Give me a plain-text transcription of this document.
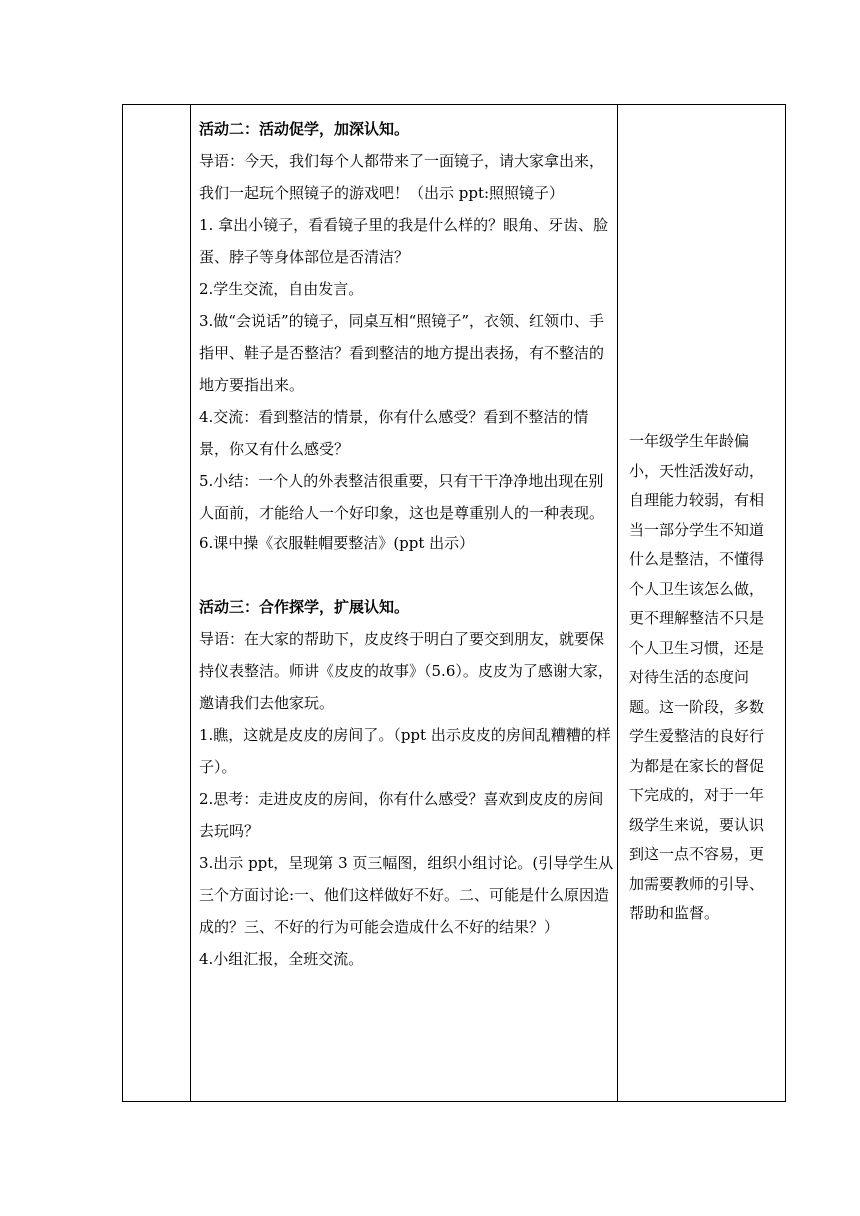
活动二：活动促学，加深认知。

导语：今天，我们每个人都带来了一面镜子，请大家拿出来，我们一起玩个照镜子的游戏吧！（出示 ppt:照照镜子）

1. 拿出小镜子，看看镜子里的我是什么样的？眼角、牙齿、脸蛋、脖子等身体部位是否清洁？

2.学生交流，自由发言。

3.做“会说话”的镜子，同桌互相“照镜子”，衣领、红领巾、手指甲、鞋子是否整洁？看到整洁的地方提出表扬，有不整洁的地方要指出来。

4.交流：看到整洁的情景，你有什么感受？看到不整洁的情景，你又有什么感受？

5.小结：一个人的外表整洁很重要，只有干干净净地出现在别人面前，才能给人一个好印象，这也是尊重别人的一种表现。

6.课中操《衣服鞋帽要整洁》(ppt 出示）

活动三：合作探学，扩展认知。

导语：在大家的帮助下，皮皮终于明白了要交到朋友，就要保持仪表整洁。师讲《皮皮的故事》（5.6）。皮皮为了感谢大家，邀请我们去他家玩。

1.瞧，这就是皮皮的房间了。（ppt 出示皮皮的房间乱糟糟的样子）。

2.思考：走进皮皮的房间，你有什么感受？喜欢到皮皮的房间去玩吗？

3.出示 ppt，呈现第 3 页三幅图，组织小组讨论。(引导学生从三个方面讨论:一、他们这样做好不好。二、可能是什么原因造成的？三、不好的行为可能会造成什么不好的结果？）

4.小组汇报，全班交流。

一年级学生年龄偏小，天性活泼好动，自理能力较弱，有相当一部分学生不知道什么是整洁，不懂得个人卫生该怎么做，更不理解整洁不只是个人卫生习惯，还是对待生活的态度问题。这一阶段，多数学生爱整洁的良好行为都是在家长的督促下完成的，对于一年级学生来说，要认识到这一点不容易，更加需要教师的引导、帮助和监督。
